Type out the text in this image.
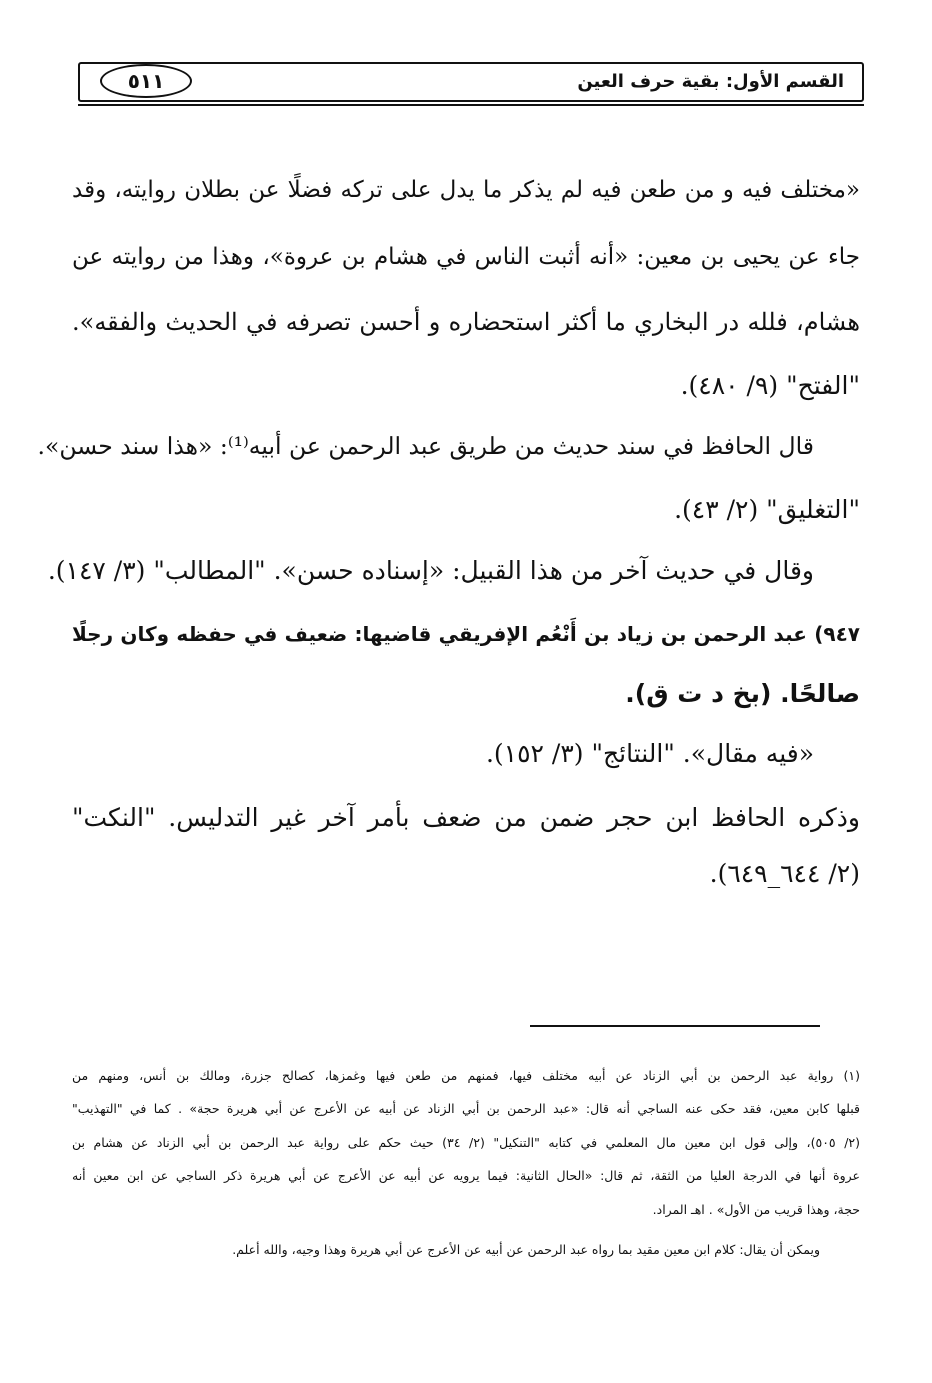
القسم الأول: بقية حرف العين
٥١١
«مختلف فيه و من طعن فيه لم يذكر ما يدل على تركه فضلًا عن بطلان روايته، وقد
جاء عن يحيى بن معين: «أنه أثبت الناس في هشام بن عروة»، وهذا من روايته عن
هشام، فلله در البخاري ما أكثر استحضاره و أحسن تصرفه في الحديث والفقه».
"الفتح" (٩/ ٤٨٠).
قال الحافظ في سند حديث من طريق عبد الرحمن عن أبيه⁽¹⁾: «هذا سند حسن».
"التغليق" (٢/ ٤٣).
وقال في حديث آخر من هذا القبيل: «إسناده حسن». "المطالب" (٣/ ١٤٧).
٩٤٧) عبد الرحمن بن زياد بن أَنْعُم الإفريقي قاضيها: ضعيف في حفظه وكان رجلًا
صالحًا. (بخ د ت ق).
«فيه مقال». "النتائج" (٣/ ١٥٢).
وذكره الحافظ ابن حجر ضمن من ضعف بأمر آخر غير التدليس. "النكت"
(٢/ ٦٤٤_٦٤٩).
(١) رواية عبد الرحمن بن أبي الزناد عن أبيه مختلف فيها، فمنهم من طعن فيها وغمزها، كصالح جزرة، ومالك بن أنس، ومنهم من
قبلها كابن معين، فقد حكى عنه الساجي أنه قال: «عبد الرحمن بن أبي الزناد عن أبيه عن الأعرج عن أبي هريرة حجة» . كما في "التهذيب"
(٢/ ٥٠٥)، وإلى قول ابن معين مال المعلمي في كتابه "التنكيل" (٢/ ٣٤) حيث حكم على رواية عبد الرحمن بن أبي الزناد عن هشام بن
عروة أنها في الدرجة العليا من الثقة، ثم قال: «الحال الثانية: فيما يرويه عن أبيه عن الأعرج عن أبي هريرة ذكر الساجي عن ابن معين أنه
حجة، وهذا قريب من الأول» . اهـ المراد.
ويمكن أن يقال: كلام ابن معين مقيد بما رواه عبد الرحمن عن أبيه عن الأعرج عن أبي هريرة وهذا وجيه، والله أعلم.
